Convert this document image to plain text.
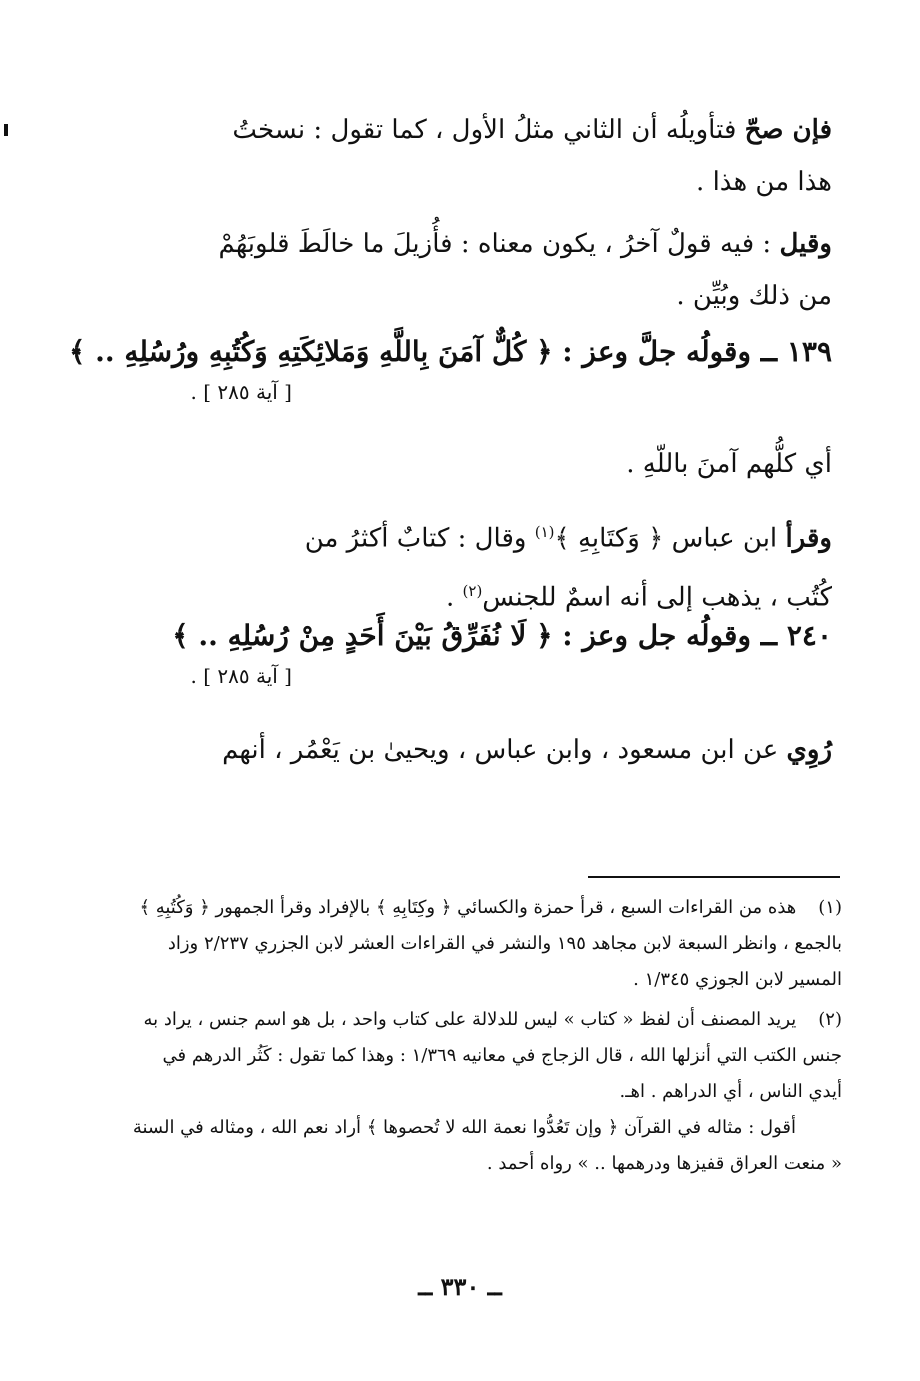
فإن صحّ فتأويلُه أن الثاني مثلُ الأول ، كما تقول : نسختُ
هذا من هذا .
وقيل : فيه قولٌ آخرُ ، يكون معناه : فأُزيلَ ما خالَطَ قلوبَهُمْ
من ذلك وبُيِّن .
١٣٩ ــ وقولُه جلَّ وعز : ﴿ كُلٌّ آمَنَ بِاللَّهِ وَمَلائِكَتِهِ وَكُتُبِهِ ورُسُلِهِ .. ﴾
[ آية ٢٨٥ ] .
أي كلُّهم آمنَ باللّهِ .
وقرأ ابن عباس ﴿ وَكتَابِهِ ﴾$^{(١)}$ وقال : كتابٌ أكثرُ من
كُتُب ، يذهب إلى أنه اسمٌ للجنس$^{(٢)}$ .
٢٤٠ ــ وقولُه جل وعز : ﴿ لَا نُفَرِّقُ بَيْنَ أَحَدٍ مِنْ رُسُلِهِ .. ﴾
[ آية ٢٨٥ ] .
رُوِي عن ابن مسعود ، وابن عباس ، ويحيىٰ بن يَعْمُر ، أنهم
(١) هذه من القراءات السبع ، قرأ حمزة والكسائي ﴿ وكِتَابِهِ ﴾ بالإفراد وقرأ الجمهور ﴿ وَكُتُبِهِ ﴾
بالجمع ، وانظر السبعة لابن مجاهد ١٩٥ والنشر في القراءات العشر لابن الجزري ٢/٢٣٧ وزاد
المسير لابن الجوزي ١/٣٤٥ .
(٢) يريد المصنف أن لفظ « كتاب » ليس للدلالة على كتاب واحد ، بل هو اسم جنس ، يراد به
جنس الكتب التي أنزلها الله ، قال الزجاج في معانيه ١/٣٦٩ : وهذا كما تقول : كَثُر الدرهم في
أيدي الناس ، أي الدراهم . اهـ.
أقول : مثاله في القرآن ﴿ وإن تَعُدُّوا نعمة الله لا تُحصوها ﴾ أراد نعم الله ، ومثاله في السنة
« منعت العراق قفيزها ودرهمها .. » رواه أحمد .
ــ ٣٣٠ ــ
